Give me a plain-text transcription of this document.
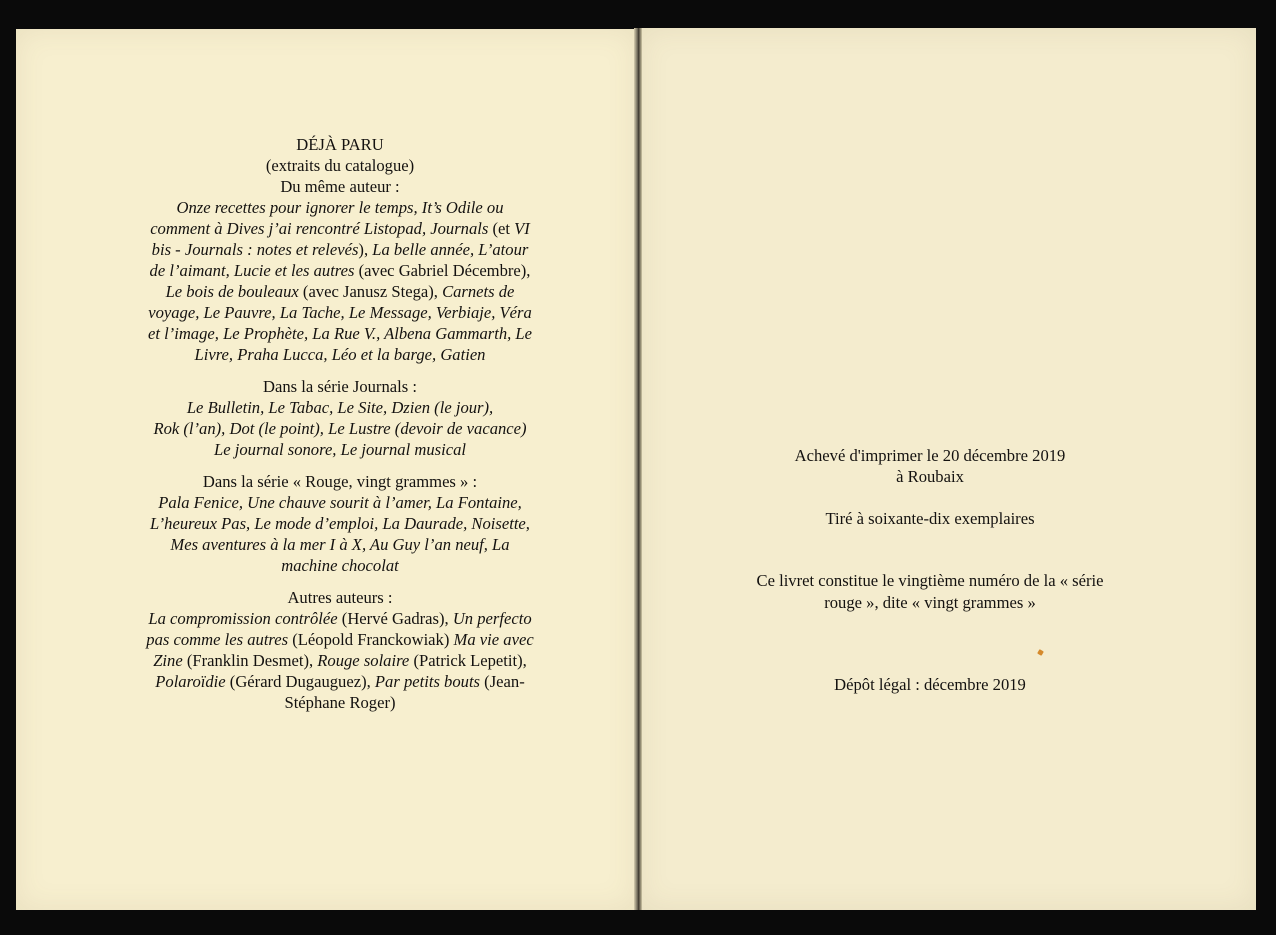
DÉJÀ PARU

(extraits du catalogue)

Du même auteur :

Onze recettes pour ignorer le temps, It’s Odile ou

comment à Dives j’ai rencontré Listopad, Journals (et VI

bis - Journals : notes et relevés), La belle année, L’atour

de l’aimant, Lucie et les autres (avec Gabriel Décembre),

Le bois de bouleaux (avec Janusz Stega), Carnets de

voyage, Le Pauvre, La Tache, Le Message, Verbiaje, Véra

et l’image, Le Prophète, La Rue V., Albena Gammarth, Le

Livre, Praha Lucca, Léo et la barge, Gatien

Dans la série Journals :

Le Bulletin, Le Tabac, Le Site, Dzien (le jour),

Rok (l’an), Dot (le point), Le Lustre (devoir de vacance)

Le journal sonore, Le journal musical

Dans la série « Rouge, vingt grammes » :

Pala Fenice, Une chauve sourit à l’amer, La Fontaine,

L’heureux Pas, Le mode d’emploi, La Daurade, Noisette,

Mes aventures à la mer I à X, Au Guy l’an neuf, La

machine chocolat

Autres auteurs :

La compromission contrôlée (Hervé Gadras), Un perfecto

pas comme les autres (Léopold Franckowiak) Ma vie avec

Zine (Franklin Desmet), Rouge solaire (Patrick Lepetit),

Polaroïdie (Gérard Dugauguez), Par petits bouts (Jean-

Stéphane Roger)

Achevé d'imprimer le 20 décembre 2019

à Roubaix

Tiré à soixante-dix exemplaires

Ce livret constitue le vingtième numéro de la « série

rouge », dite « vingt grammes »

Dépôt légal : décembre 2019
